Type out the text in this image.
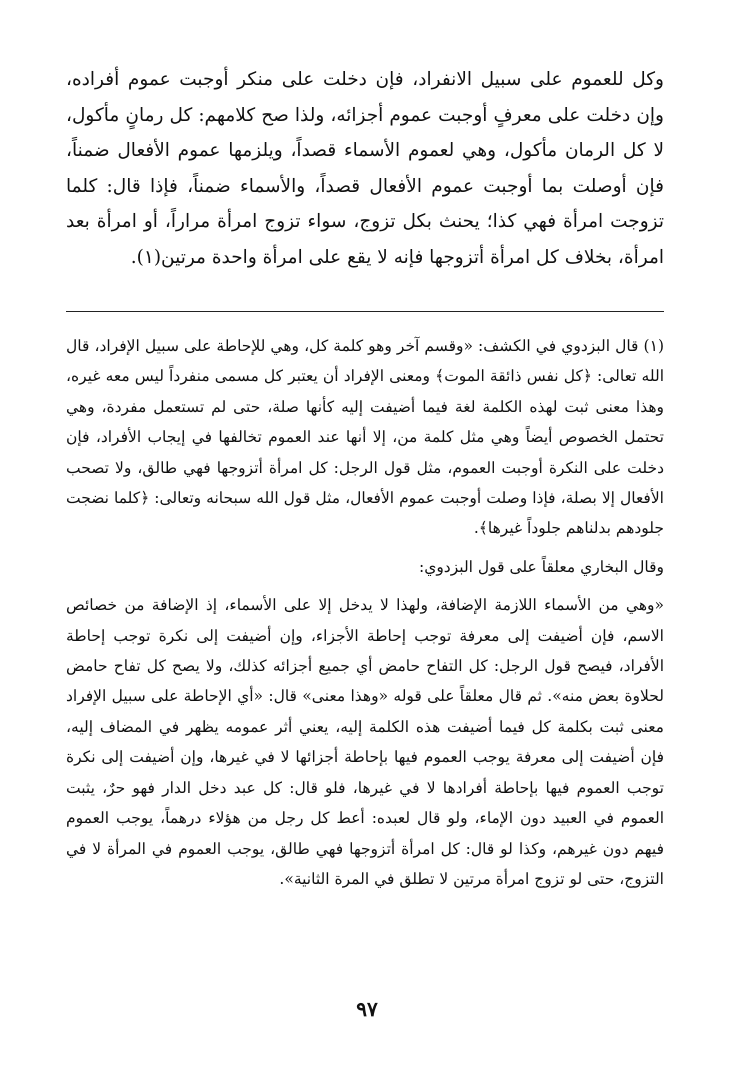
وكل للعموم على سبيل الانفراد، فإن دخلت على منكر أوجبت عموم أفراده، وإن دخلت على معرفٍ أوجبت عموم أجزائه، ولذا صح كلامهم: كل رمانٍ مأكول، لا كل الرمان مأكول، وهي لعموم الأسماء قصداً، ويلزمها عموم الأفعال ضمناً، فإن أوصلت بما أوجبت عموم الأفعال قصداً، والأسماء ضمناً، فإذا قال: كلما تزوجت امرأة فهي كذا؛ يحنث بكل تزوج، سواء تزوج امرأة مراراً، أو امرأة بعد امرأة، بخلاف كل امرأة أتزوجها فإنه لا يقع على امرأة واحدة مرتين(١).

(١) قال البزدوي في الكشف: «وقسم آخر وهو كلمة كل، وهي للإحاطة على سبيل الإفراد، قال الله تعالى: ﴿كل نفس ذائقة الموت﴾ ومعنى الإفراد أن يعتبر كل مسمى منفرداً ليس معه غيره، وهذا معنى ثبت لهذه الكلمة لغة فيما أضيفت إليه كأنها صلة، حتى لم تستعمل مفردة، وهي تحتمل الخصوص أيضاً وهي مثل كلمة من، إلا أنها عند العموم تخالفها في إيجاب الأفراد، فإن دخلت على النكرة أوجبت العموم، مثل قول الرجل: كل امرأة أتزوجها فهي طالق، ولا تصحب الأفعال إلا بصلة، فإذا وصلت أوجبت عموم الأفعال، مثل قول الله سبحانه وتعالى: ﴿كلما نضجت جلودهم بدلناهم جلوداً غيرها﴾.

وقال البخاري معلقاً على قول البزدوي:

«وهي من الأسماء اللازمة الإضافة، ولهذا لا يدخل إلا على الأسماء، إذ الإضافة من خصائص الاسم، فإن أضيفت إلى معرفة توجب إحاطة الأجزاء، وإن أضيفت إلى نكرة توجب إحاطة الأفراد، فيصح قول الرجل: كل التفاح حامض أي جميع أجزائه كذلك، ولا يصح كل تفاح حامض لحلاوة بعض منه». ثم قال معلقاً على قوله «وهذا معنى» قال: «أي الإحاطة على سبيل الإفراد معنى ثبت بكلمة كل فيما أضيفت هذه الكلمة إليه، يعني أثر عمومه يظهر في المضاف إليه، فإن أضيفت إلى معرفة يوجب العموم فيها بإحاطة أجزائها لا في غيرها، وإن أضيفت إلى نكرة توجب العموم فيها بإحاطة أفرادها لا في غيرها، فلو قال: كل عبد دخل الدار فهو حرٌ، يثبت العموم في العبيد دون الإماء، ولو قال لعبده: أعط كل رجل من هؤلاء درهماً، يوجب العموم فيهم دون غيرهم، وكذا لو قال: كل امرأة أتزوجها فهي طالق، يوجب العموم في المرأة لا في التزوج، حتى لو تزوج امرأة مرتين لا تطلق في المرة الثانية».

٩٧
